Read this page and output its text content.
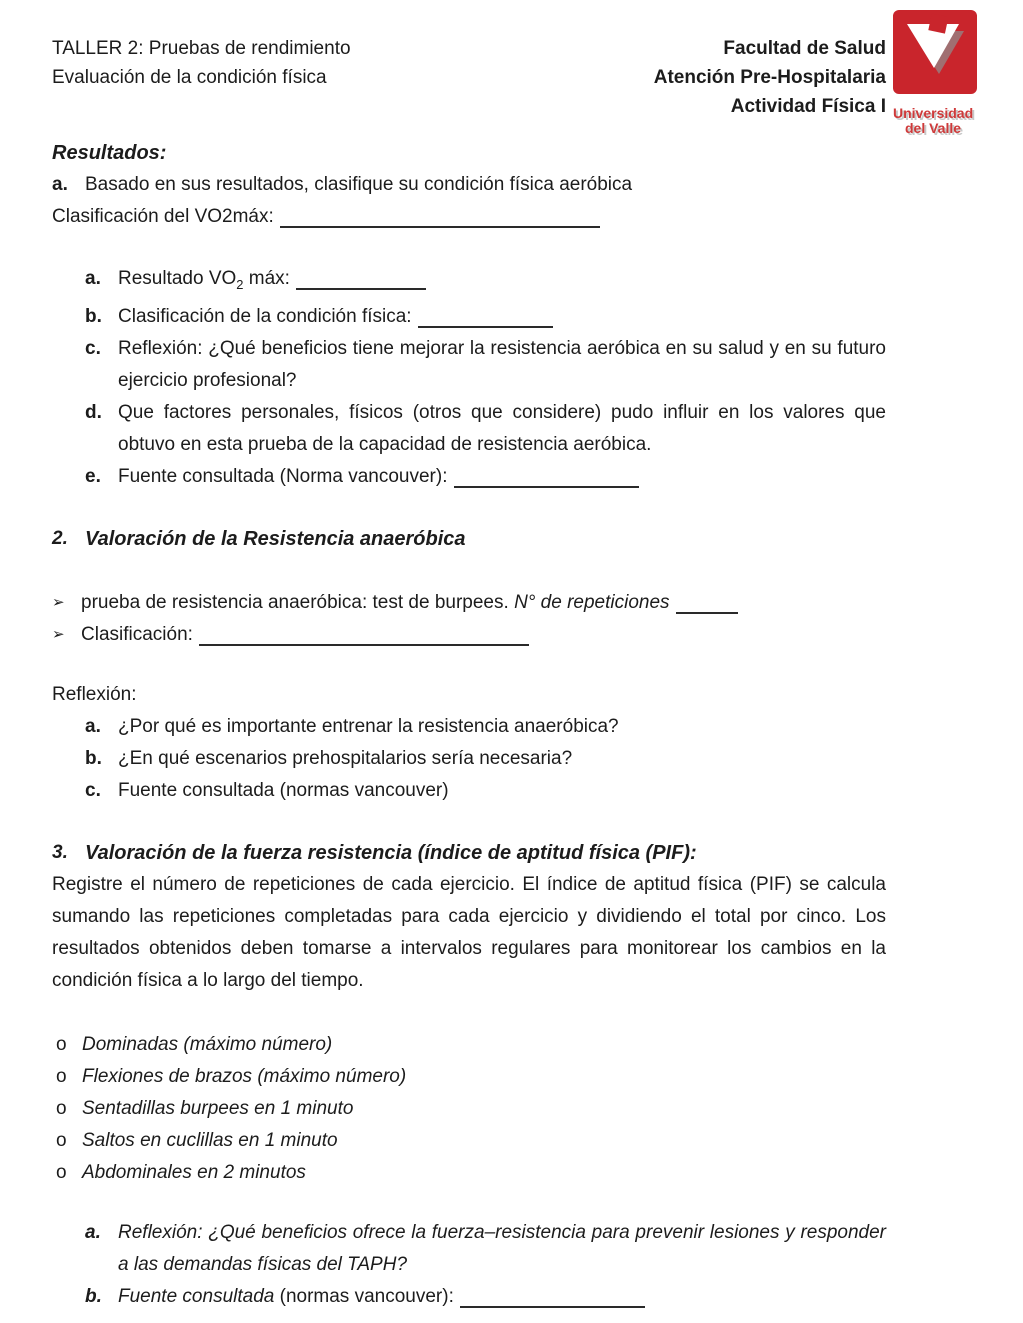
TALLER 2: Pruebas de rendimiento
Evaluación de la condición física
Facultad de Salud
Atención Pre-Hospitalaria
Actividad Física I Universidad
del Valle
Resultados:
a. Basado en sus resultados, clasifique su condición física aeróbica
Clasificación del VO2máx:
a. Resultado $VO_2$ máx:
b. Clasificación de la condición física:
c. Reflexión: ¿Qué beneficios tiene mejorar la resistencia aeróbica en su salud y en su futuro ejercicio profesional?
d. Que factores personales, físicos (otros que considere) pudo influir en los valores que obtuvo en esta prueba de la capacidad de resistencia aeróbica.
e. Fuente consultada (Norma vancouver):
2. Valoración de la Resistencia anaeróbica
➢ prueba de resistencia anaeróbica: test de burpees. N° de repeticiones
➢ Clasificación:
Reflexión:
a. ¿Por qué es importante entrenar la resistencia anaeróbica?
b. ¿En qué escenarios prehospitalarios sería necesaria?
c. Fuente consultada (normas vancouver)
3. Valoración de la fuerza resistencia (índice de aptitud física (PIF):
Registre el número de repeticiones de cada ejercicio. El índice de aptitud física (PIF) se calcula sumando las repeticiones completadas para cada ejercicio y dividiendo el total por cinco. Los resultados obtenidos deben tomarse a intervalos regulares para monitorear los cambios en la condición física a lo largo del tiempo.
o Dominadas (máximo número)
o Flexiones de brazos (máximo número)
o Sentadillas burpees en 1 minuto
o Saltos en cuclillas en 1 minuto
o Abdominales en 2 minutos
a. Reflexión: ¿Qué beneficios ofrece la fuerza–resistencia para prevenir lesiones y responder a las demandas físicas del TAPH?
b. Fuente consultada (normas vancouver):
